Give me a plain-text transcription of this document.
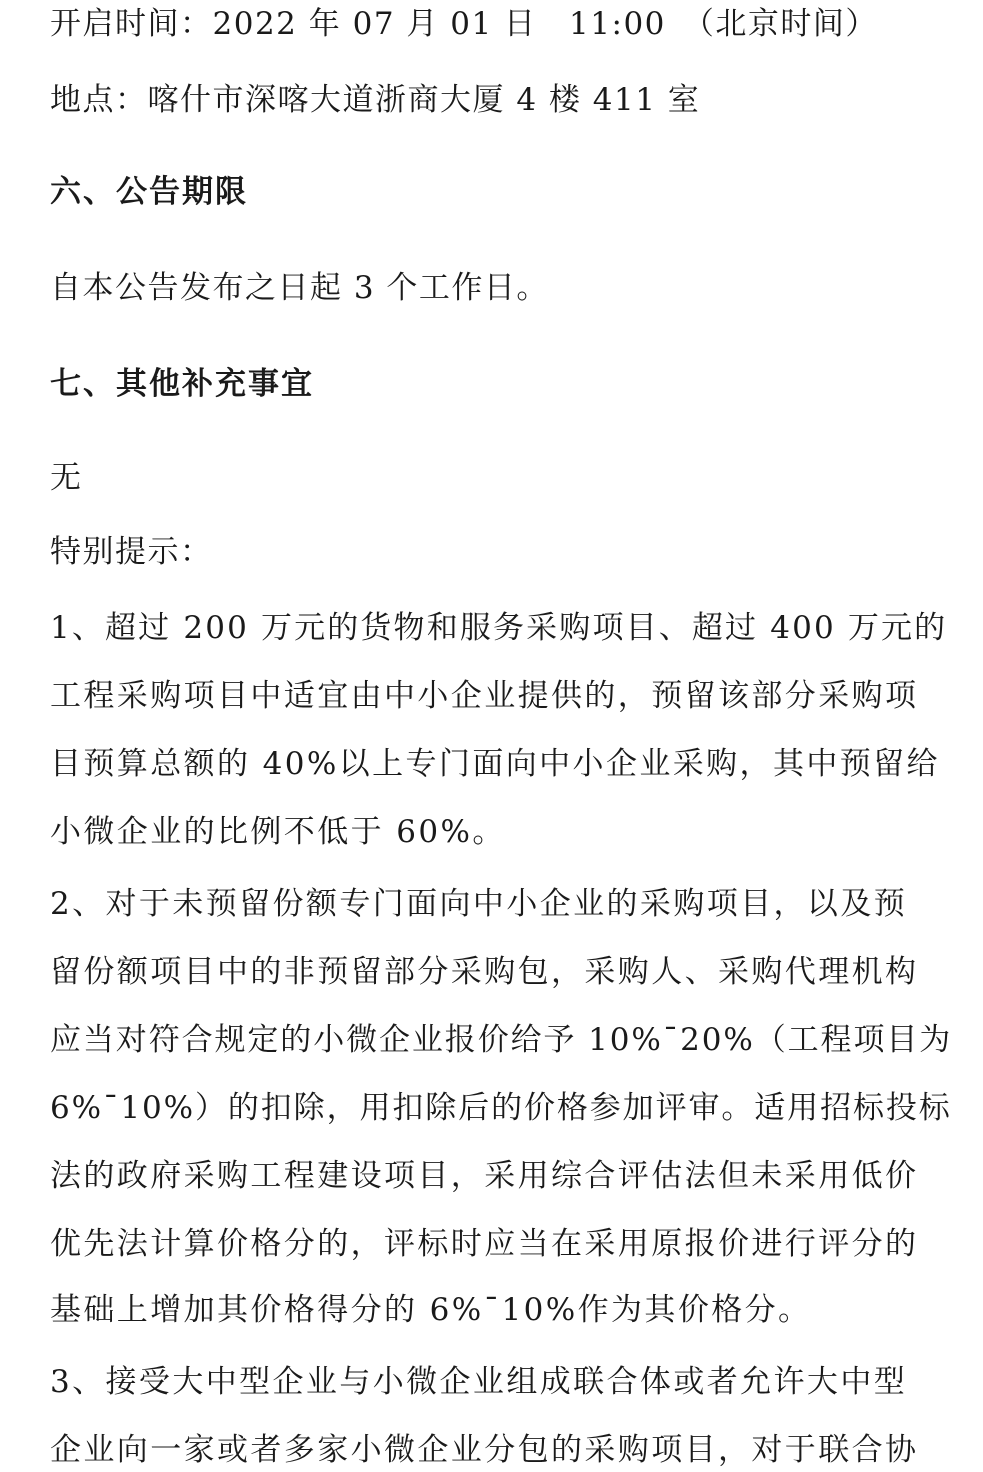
开启时间：2022 年 07 月 01 日　11:00　（北京时间）

地点：喀什市深喀大道浙商大厦 4 楼 411 室

六、公告期限

自本公告发布之日起 3 个工作日。

七、其他补充事宜

无

特别提示：

1、超过 200 万元的货物和服务采购项目、超过 400 万元的

工程采购项目中适宜由中小企业提供的，预留该部分采购项

目预算总额的 40%以上专门面向中小企业采购，其中预留给

小微企业的比例不低于 60%。

2、对于未预留份额专门面向中小企业的采购项目，以及预

留份额项目中的非预留部分采购包，采购人、采购代理机构

应当对符合规定的小微企业报价给予 10%¯20%（工程项目为

6%¯10%）的扣除，用扣除后的价格参加评审。适用招标投标

法的政府采购工程建设项目，采用综合评估法但未采用低价

优先法计算价格分的，评标时应当在采用原报价进行评分的

基础上增加其价格得分的 6%¯10%作为其价格分。

3、接受大中型企业与小微企业组成联合体或者允许大中型

企业向一家或者多家小微企业分包的采购项目，对于联合协
